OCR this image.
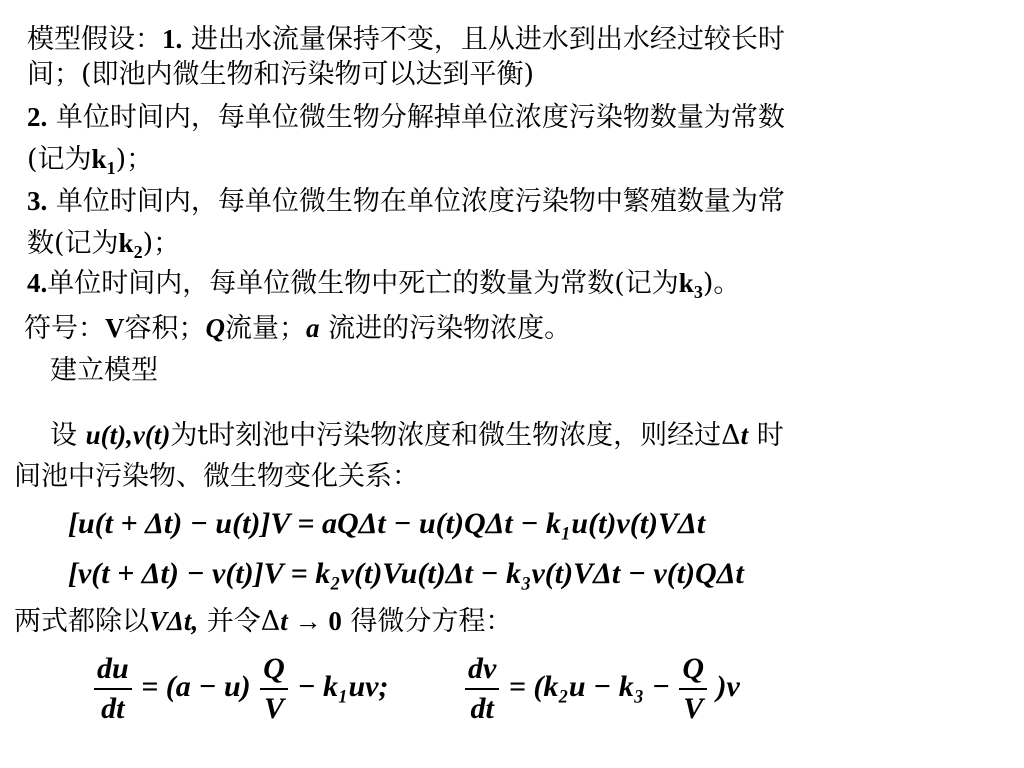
模型假设：1. 进出水流量保持不变，且从进水到出水经过较长时
间；(即池内微生物和污染物可以达到平衡)
2. 单位时间内，每单位微生物分解掉单位浓度污染物数量为常数
(记为$k_1$)；
3. 单位时间内，每单位微生物在单位浓度污染物中繁殖数量为常
数(记为$k_2$)；
4.单位时间内，每单位微生物中死亡的数量为常数(记为$k_3$)。
符号：V容积；Q流量；a 流进的污染物浓度。
建立模型
设 u(t),v(t)为t时刻池中污染物浓度和微生物浓度，则经过Δt 时
间池中污染物、微生物变化关系：
[u(t + Δt) − u(t)]V = aQΔt − u(t)QΔt − k₁u(t)v(t)VΔt
[v(t + Δt) − v(t)]V = k₂v(t)Vu(t)Δt − k₃v(t)VΔt − v(t)QΔt
两式都除以VΔt, 并令Δt → 0 得微分方程：
$\frac{du}{dt} = (a - u) \frac{Q}{V} - k_1uv$;	$\frac{dv}{dt} = (k_2u - k_3 - \frac{Q}{V} )v$
